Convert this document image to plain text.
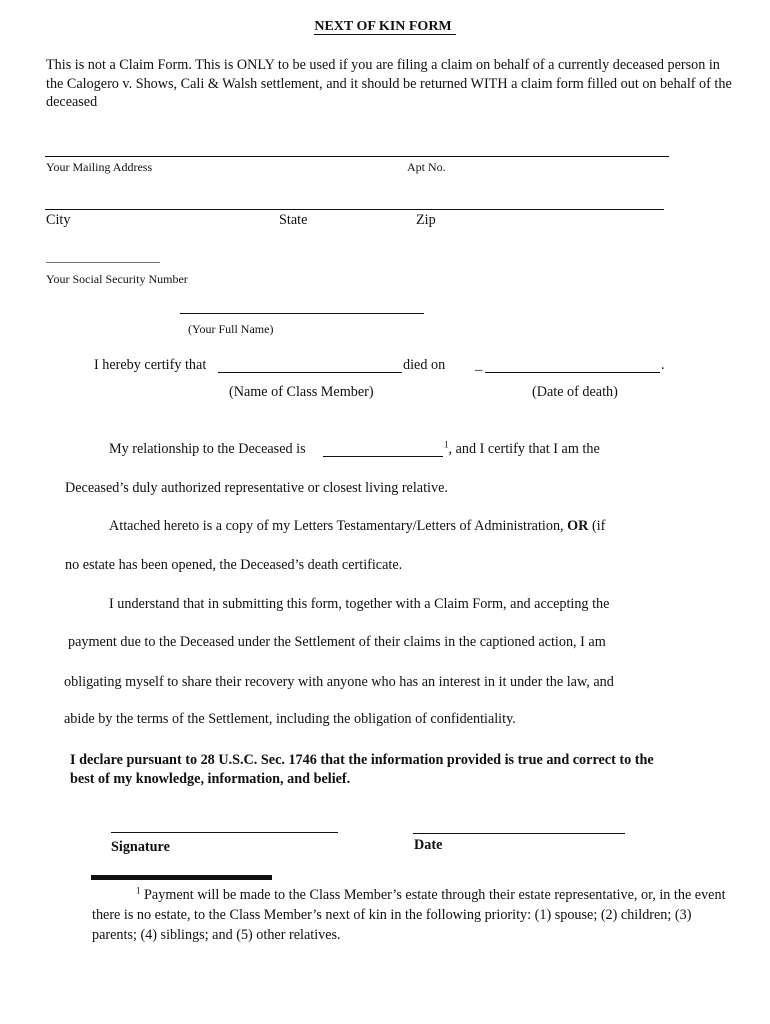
NEXT OF KIN FORM
This is not a Claim Form. This is ONLY to be used if you are filing a claim on behalf of a currently deceased person in the Calogero v. Shows, Cali & Walsh settlement, and it should be returned WITH a claim form filled out on behalf of the deceased
Your Mailing Address	Apt No.
City	State	Zip
___________________
Your Social Security Number
(Your Full Name)
I hereby certify that	died on _	.
(Name of Class Member)	(Date of death)
My relationship to the Deceased is	$^1$, and I certify that I am the
Deceased’s duly authorized representative or closest living relative.
Attached hereto is a copy of my Letters Testamentary/Letters of Administration, OR (if
no estate has been opened, the Deceased’s death certificate.
I understand that in submitting this form, together with a Claim Form, and accepting the
payment due to the Deceased under the Settlement of their claims in the captioned action, I am
obligating myself to share their recovery with anyone who has an interest in it under the law, and
abide by the terms of the Settlement, including the obligation of confidentiality.
I declare pursuant to 28 U.S.C. Sec. 1746 that the information provided is true and correct to the
best of my knowledge, information, and belief.
Signature	Date
$^1$ Payment will be made to the Class Member’s estate through their estate representative, or, in the event there is no estate, to the Class Member’s next of kin in the following priority: (1) spouse; (2) children; (3) parents; (4) siblings; and (5) other relatives.
